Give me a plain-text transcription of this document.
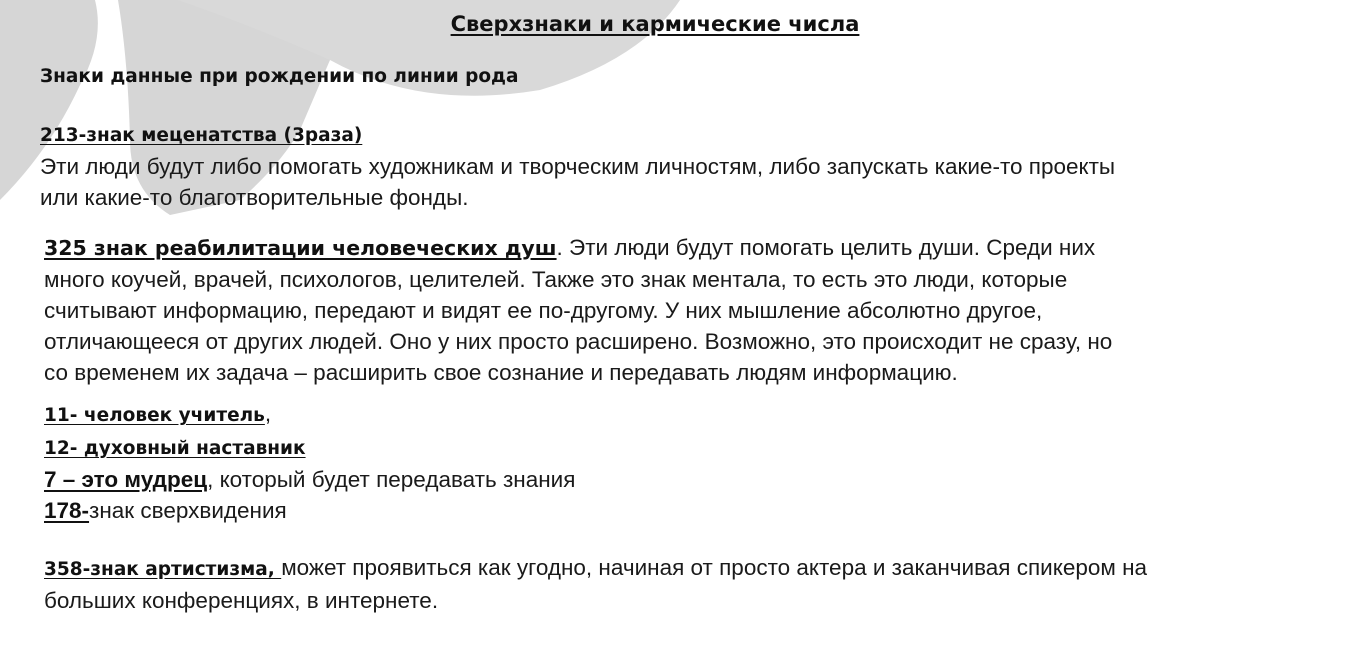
Сверхзнаки и кармические числа
Знаки данные при рождении по линии рода

213-знак меценатства (3раза)
Эти люди будут либо помогать художникам и творческим личностям, либо запускать какие-то проекты
или какие-то благотворительные фонды.

325 знак реабилитации человеческих душ. Эти люди будут помогать целить души. Среди них
много коучей, врачей, психологов, целителей. Также это знак ментала, то есть это люди, которые
считывают информацию, передают и видят ее по-другому. У них мышление абсолютно другое,
отличающееся от других людей. Оно у них просто расширено. Возможно, это происходит не сразу, но
со временем их задача – расширить свое сознание и передавать людям информацию.

11- человек учитель,
12- духовный наставник
7 – это мудрец, который будет передавать знания
178-знак сверхвидения

358-знак артистизма, может проявиться как угодно, начиная от просто актера и заканчивая спикером на
больших конференциях, в интернете.
